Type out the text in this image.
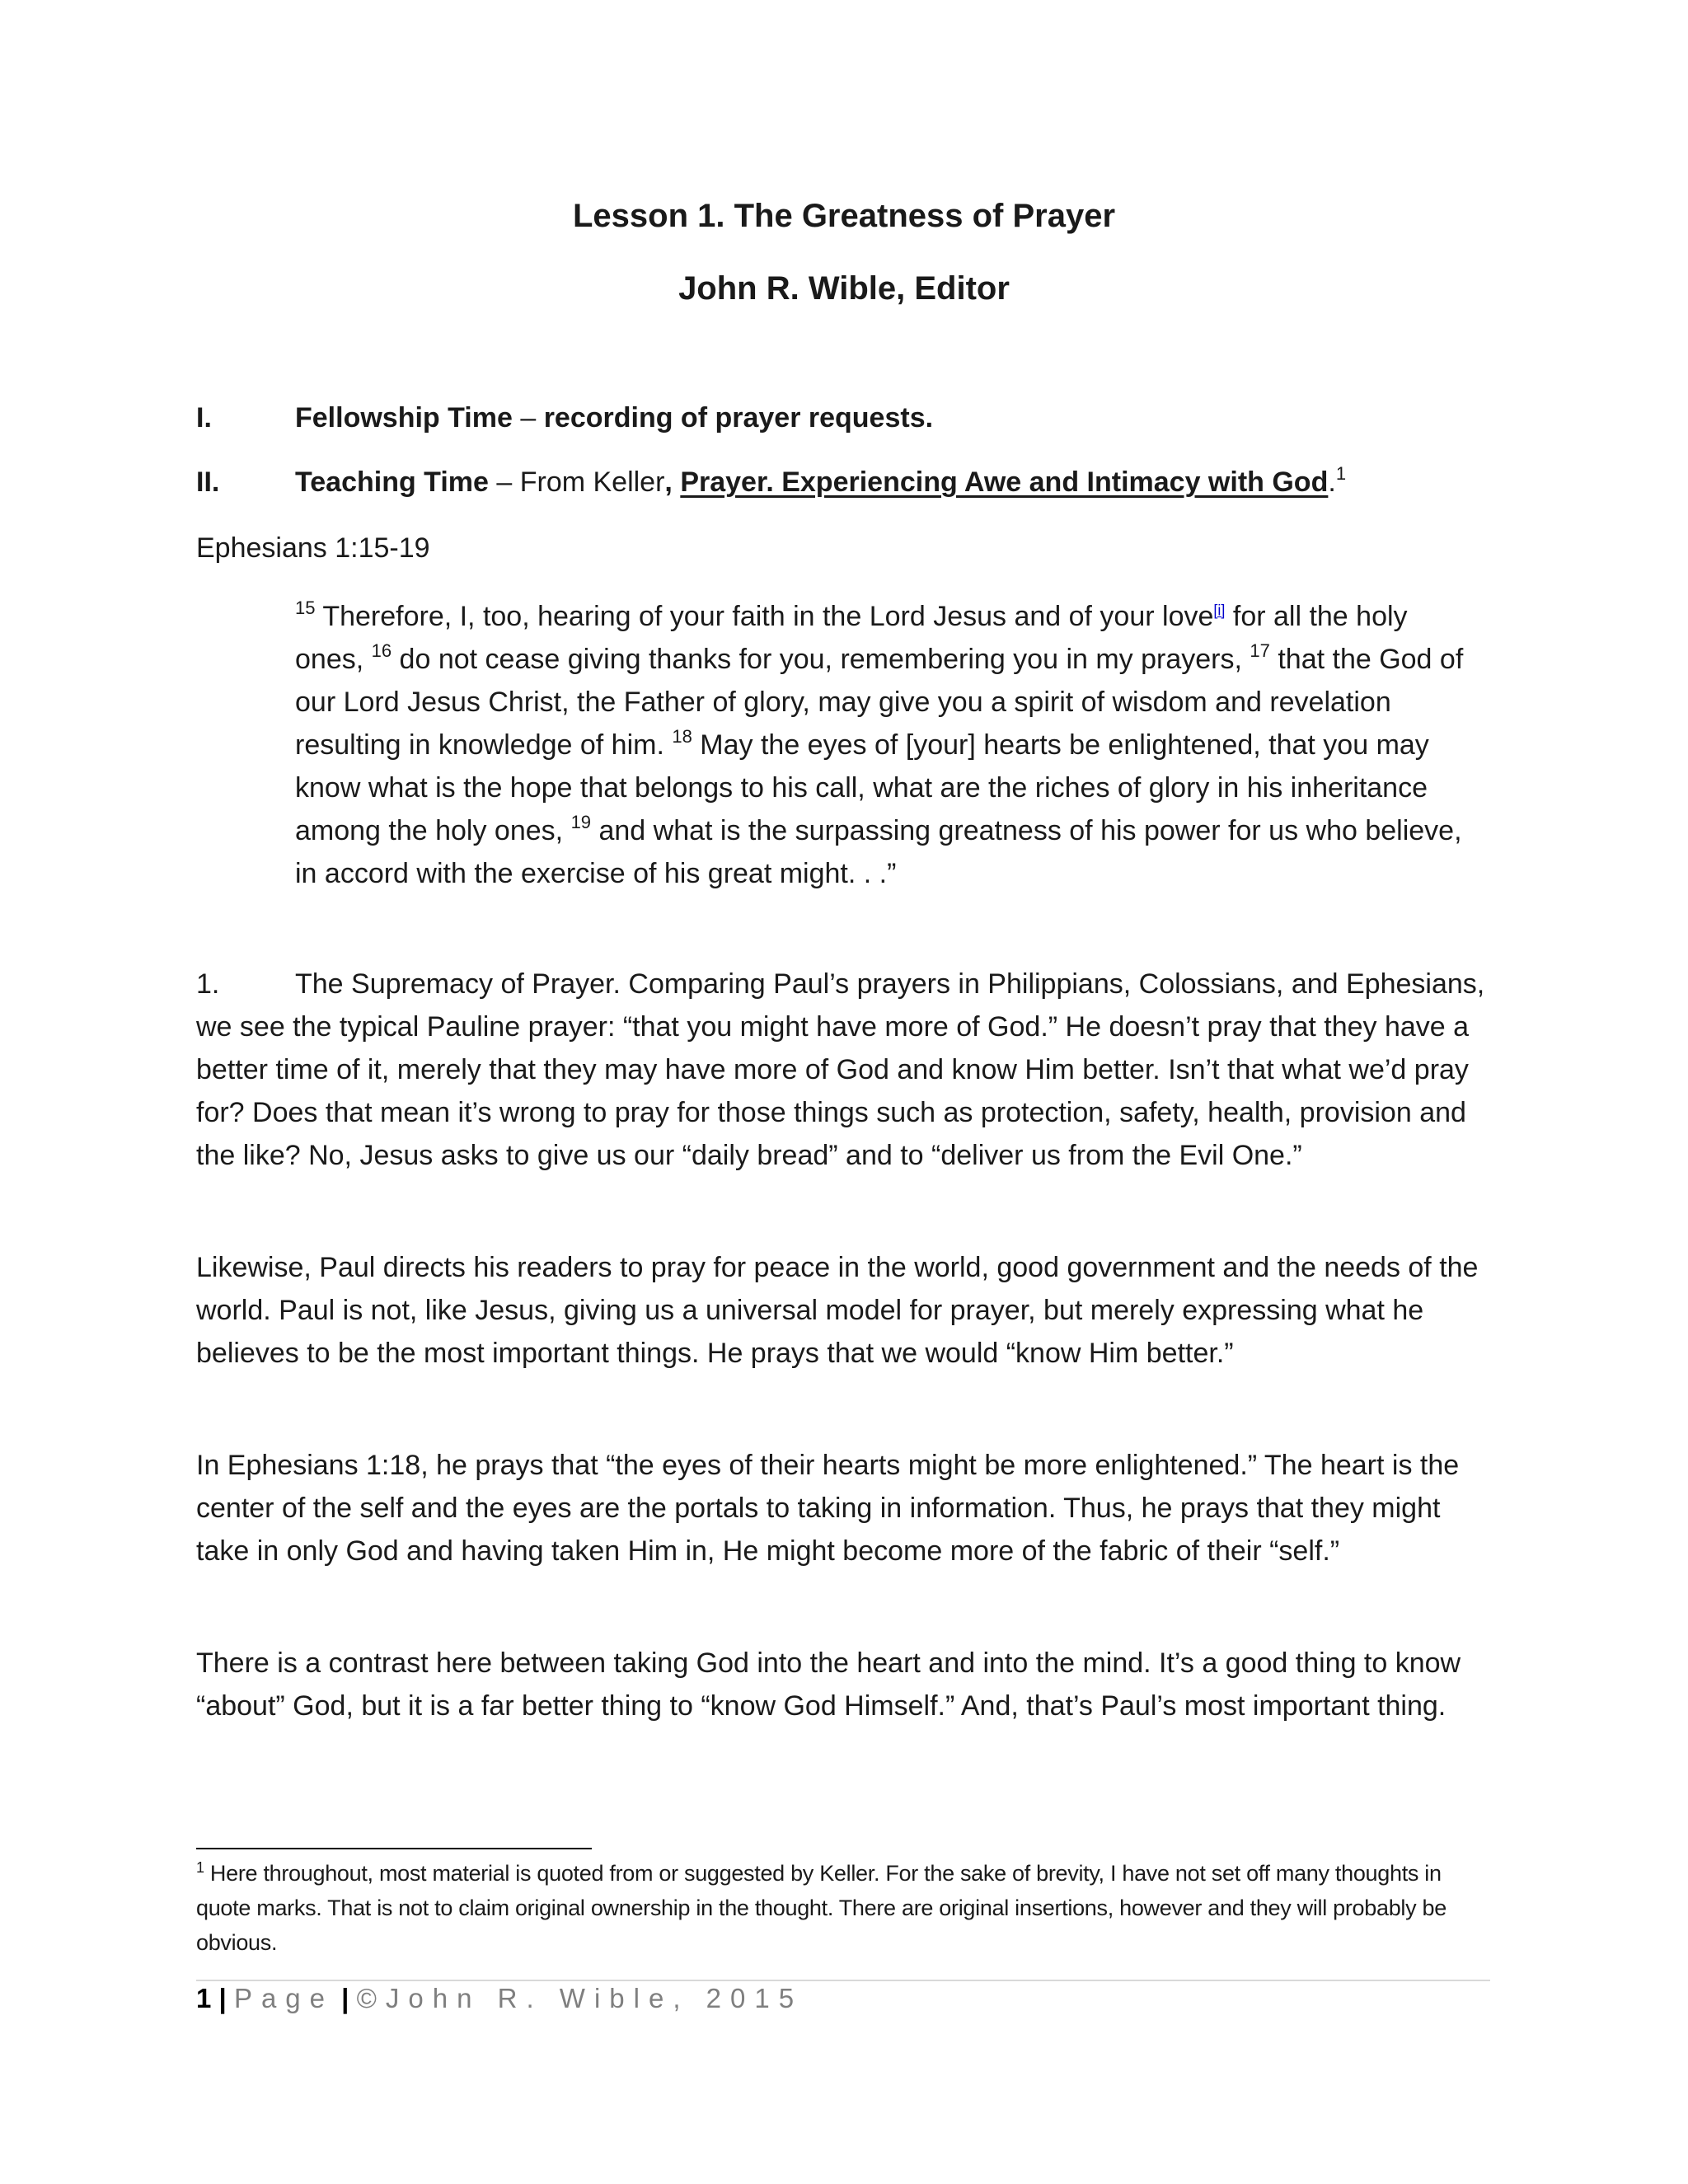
Lesson 1. The Greatness of Prayer
John R. Wible, Editor
I.	Fellowship Time – recording of prayer requests.
II.	Teaching Time – From Keller, Prayer. Experiencing Awe and Intimacy with God.$^1$
Ephesians 1:15-19
$^{15}$ Therefore, I, too, hearing of your faith in the Lord Jesus and of your love[i] for all the holy ones, $^{16}$ do not cease giving thanks for you, remembering you in my prayers, $^{17}$ that the God of our Lord Jesus Christ, the Father of glory, may give you a spirit of wisdom and revelation resulting in knowledge of him. $^{18}$ May the eyes of [your] hearts be enlightened, that you may know what is the hope that belongs to his call, what are the riches of glory in his inheritance among the holy ones, $^{19}$ and what is the surpassing greatness of his power for us who believe, in accord with the exercise of his great might. . .”
1.	The Supremacy of Prayer. Comparing Paul’s prayers in Philippians, Colossians, and Ephesians, we see the typical Pauline prayer: “that you might have more of God.” He doesn’t pray that they have a better time of it, merely that they may have more of God and know Him better. Isn’t that what we’d pray for? Does that mean it’s wrong to pray for those things such as protection, safety, health, provision and the like? No, Jesus asks to give us our “daily bread” and to “deliver us from the Evil One.”
Likewise, Paul directs his readers to pray for peace in the world, good government and the needs of the world. Paul is not, like Jesus, giving us a universal model for prayer, but merely expressing what he believes to be the most important things. He prays that we would “know Him better.”
In Ephesians 1:18, he prays that “the eyes of their hearts might be more enlightened.” The heart is the center of the self and the eyes are the portals to taking in information. Thus, he prays that they might take in only God and having taken Him in, He might become more of the fabric of their “self.”
There is a contrast here between taking God into the heart and into the mind. It’s a good thing to know “about” God, but it is a far better thing to “know God Himself.” And, that’s Paul’s most important thing.
$^1$ Here throughout, most material is quoted from or suggested by Keller. For the sake of brevity, I have not set off many thoughts in quote marks. That is not to claim original ownership in the thought. There are original insertions, however and they will probably be obvious.
1 | Page | ©John R. Wible, 2015
